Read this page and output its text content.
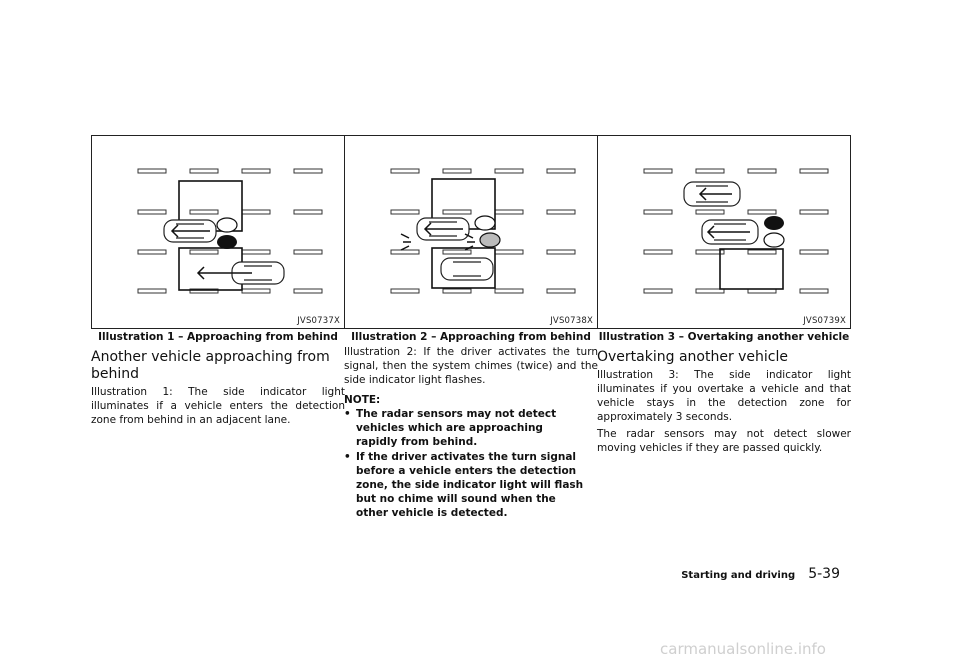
JVS0737X	JVS0738X	JVS0739X
Illustration 1 – Approaching from behind	Illustration 2 – Approaching from behind Illustration 3 – Overtaking another vehicle
Another vehicle approaching from behind

Illustration 1: The side indicator light illuminates if a vehicle enters the detection zone from behind in an adjacent lane.

Illustration 2: If the driver activates the turn signal, then the system chimes (twice) and the side indicator light flashes.

NOTE:
• The radar sensors may not detect vehicles which are approaching rapidly from behind.
• If the driver activates the turn signal before a vehicle enters the detection zone, the side indicator light will flash but no chime will sound when the other vehicle is detected.
Overtaking another vehicle

Illustration 3: The side indicator light illuminates if you overtake a vehicle and that vehicle stays in the detection zone for approximately 3 seconds.

The radar sensors may not detect slower moving vehicles if they are passed quickly.

Starting and driving 5-39
carmanualsonline.info
